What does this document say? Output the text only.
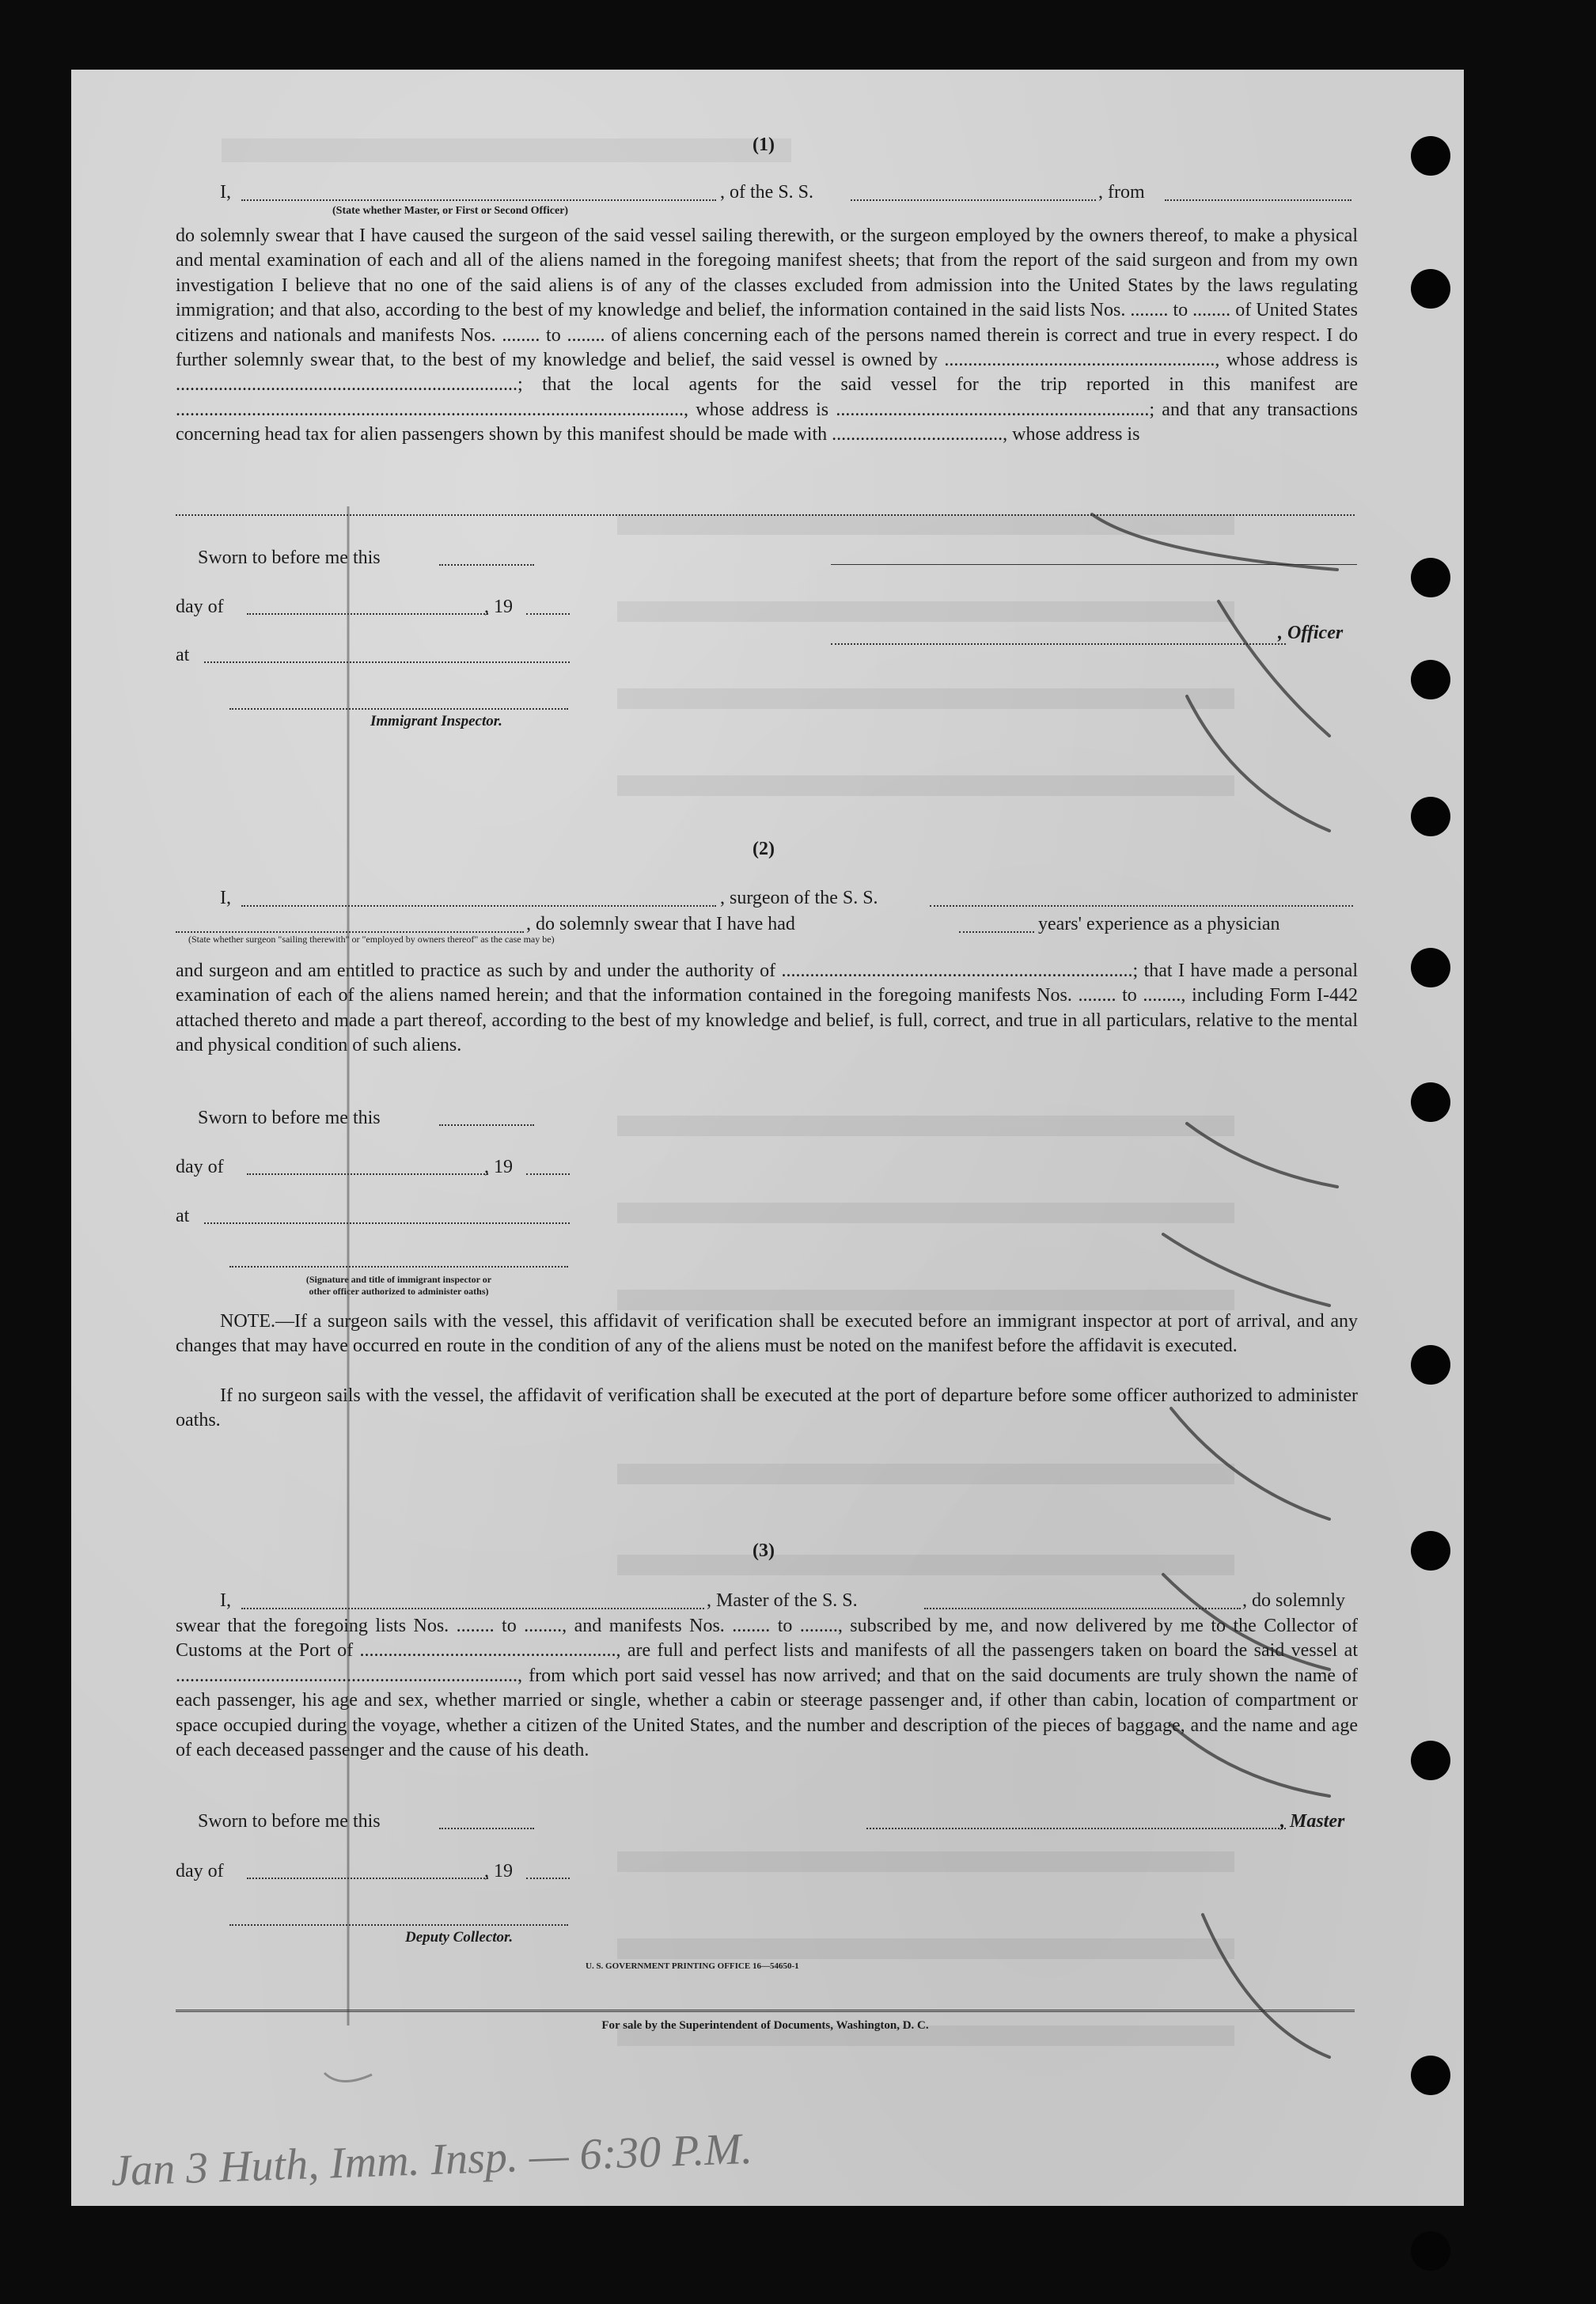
(1)
I,	, of the S. S.	, from
(State whether Master, or First or Second Officer)
do solemnly swear that I have caused the surgeon of the said vessel sailing therewith, or the surgeon employed by the owners thereof, to make a physical and mental examination of each and all of the aliens named in the foregoing manifest sheets; that from the report of the said surgeon and from my own investigation I believe that no one of the said aliens is of any of the classes excluded from admission into the United States by the laws regulating immigration; and that also, according to the best of my knowledge and belief, the information contained in the said lists Nos. ........ to ........ of United States citizens and nationals and manifests Nos. ........ to ........ of aliens concerning each of the persons named therein is correct and true in every respect. I do further solemnly swear that, to the best of my knowledge and belief, the said vessel is owned by ........................................................., whose address is ........................................................................; that the local agents for the said vessel for the trip reported in this manifest are ..........................................................................................................., whose address is ..................................................................; and that any transactions concerning head tax for alien passengers shown by this manifest should be made with ...................................., whose address is
Sworn to before me this
day of	, 19
, Officer
at
Immigrant Inspector.
(2)
I,	, surgeon of the S. S.
, do solemnly swear that I have had	years' experience as a physician
(State whether surgeon "sailing therewith" or "employed by owners thereof" as the case may be)
and surgeon and am entitled to practice as such by and under the authority of ..........................................................................; that I have made a personal examination of each of the aliens named herein; and that the information contained in the foregoing manifests Nos. ........ to ........, including Form I-442 attached thereto and made a part thereof, according to the best of my knowledge and belief, is full, correct, and true in all particulars, relative to the mental and physical condition of such aliens.
Sworn to before me this
day of	, 19
at
(Signature and title of immigrant inspector or
other officer authorized to administer oaths)
NOTE.—If a surgeon sails with the vessel, this affidavit of verification shall be executed before an immigrant inspector at port of arrival, and any changes that may have occurred en route in the condition of any of the aliens must be noted on the manifest before the affidavit is executed.
If no surgeon sails with the vessel, the affidavit of verification shall be executed at the port of departure before some officer authorized to administer oaths.
(3)
I,	, Master of the S. S.	, do solemnly
swear that the foregoing lists Nos. ........ to ........, and manifests Nos. ........ to ........, subscribed by me, and now delivered by me to the Collector of Customs at the Port of ......................................................, are full and perfect lists and manifests of all the passengers taken on board the said vessel at ........................................................................, from which port said vessel has now arrived; and that on the said documents are truly shown the name of each passenger, his age and sex, whether married or single, whether a cabin or steerage passenger and, if other than cabin, location of compartment or space occupied during the voyage, whether a citizen of the United States, and the number and description of the pieces of baggage, and the name and age of each deceased passenger and the cause of his death.
Sworn to before me this	, Master
day of	, 19
Deputy Collector.
U. S. GOVERNMENT PRINTING OFFICE 16—54650-1
For sale by the Superintendent of Documents, Washington, D. C.
Jan 3 Huth, Imm. Insp. — 6:30 P.M.
